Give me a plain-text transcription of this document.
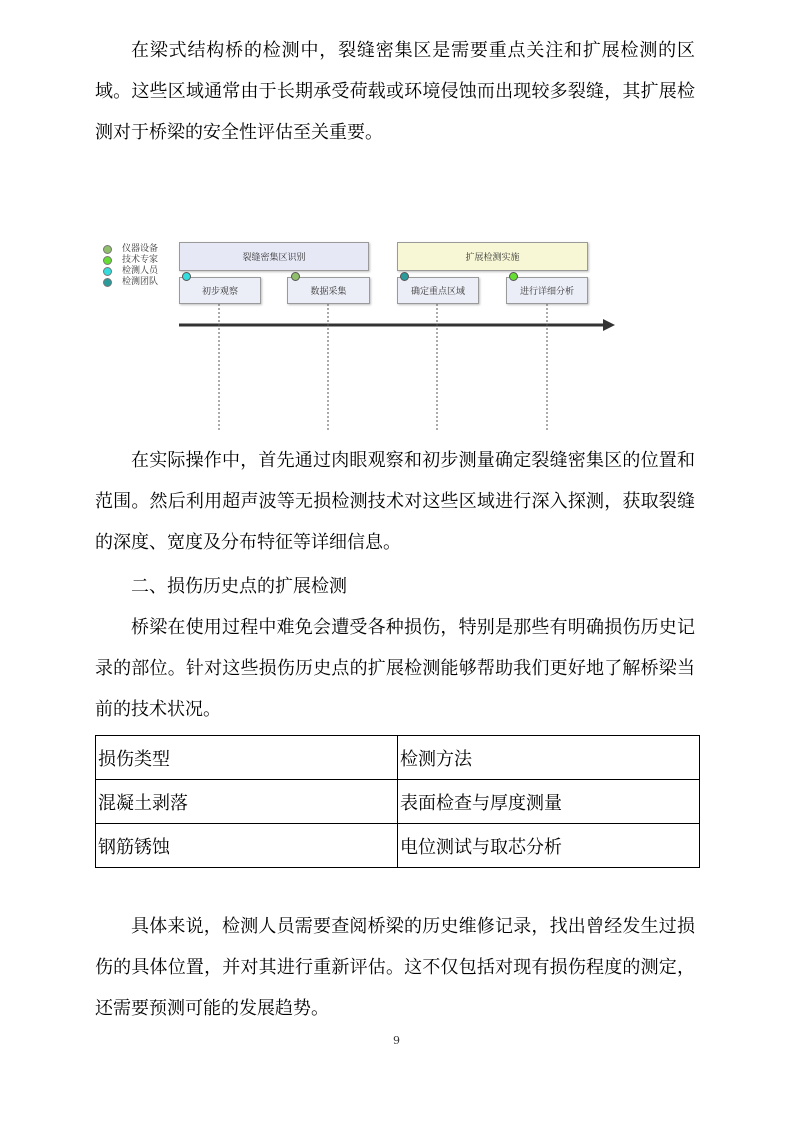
在梁式结构桥的检测中，裂缝密集区是需要重点关注和扩展检测的区域。这些区域通常由于长期承受荷载或环境侵蚀而出现较多裂缝，其扩展检测对于桥梁的安全性评估至关重要。

仪器设备
技术专家
检测人员
检测团队
裂缝密集区识别	扩展检测实施
初步观察	数据采集	确定重点区域	进行详细分析

在实际操作中，首先通过肉眼观察和初步测量确定裂缝密集区的位置和范围。然后利用超声波等无损检测技术对这些区域进行深入探测，获取裂缝的深度、宽度及分布特征等详细信息。

二、损伤历史点的扩展检测

桥梁在使用过程中难免会遭受各种损伤，特别是那些有明确损伤历史记录的部位。针对这些损伤历史点的扩展检测能够帮助我们更好地了解桥梁当前的技术状况。

损伤类型	检测方法
混凝土剥落	表面检查与厚度测量
钢筋锈蚀	电位测试与取芯分析

具体来说，检测人员需要查阅桥梁的历史维修记录，找出曾经发生过损伤的具体位置，并对其进行重新评估。这不仅包括对现有损伤程度的测定，还需要预测可能的发展趋势。

9
